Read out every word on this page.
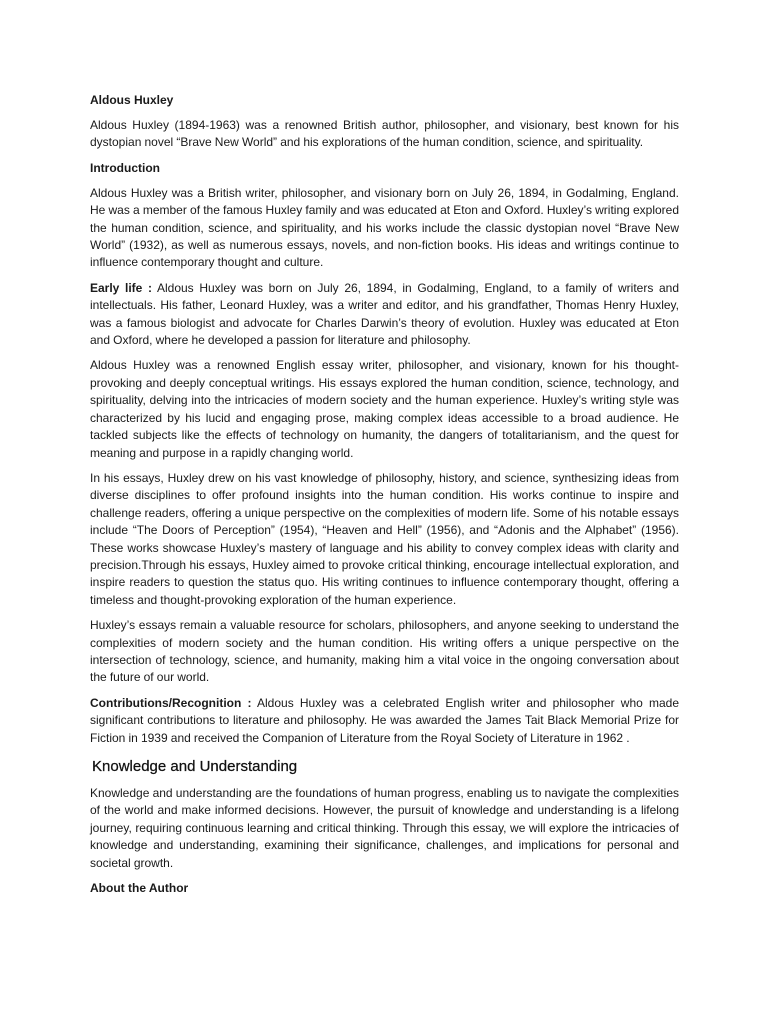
Aldous Huxley

Aldous Huxley (1894-1963) was a renowned British author, philosopher, and visionary, best known for his dystopian novel “Brave New World” and his explorations of the human condition, science, and spirituality.

Introduction

Aldous Huxley was a British writer, philosopher, and visionary born on July 26, 1894, in Godalming, England. He was a member of the famous Huxley family and was educated at Eton and Oxford. Huxley’s writing explored the human condition, science, and spirituality, and his works include the classic dystopian novel “Brave New World” (1932), as well as numerous essays, novels, and non-fiction books. His ideas and writings continue to influence contemporary thought and culture.

Early life : Aldous Huxley was born on July 26, 1894, in Godalming, England, to a family of writers and intellectuals. His father, Leonard Huxley, was a writer and editor, and his grandfather, Thomas Henry Huxley, was a famous biologist and advocate for Charles Darwin’s theory of evolution. Huxley was educated at Eton and Oxford, where he developed a passion for literature and philosophy.

Aldous Huxley was a renowned English essay writer, philosopher, and visionary, known for his thought-provoking and deeply conceptual writings. His essays explored the human condition, science, technology, and spirituality, delving into the intricacies of modern society and the human experience. Huxley’s writing style was characterized by his lucid and engaging prose, making complex ideas accessible to a broad audience. He tackled subjects like the effects of technology on humanity, the dangers of totalitarianism, and the quest for meaning and purpose in a rapidly changing world.

In his essays, Huxley drew on his vast knowledge of philosophy, history, and science, synthesizing ideas from diverse disciplines to offer profound insights into the human condition. His works continue to inspire and challenge readers, offering a unique perspective on the complexities of modern life. Some of his notable essays include “The Doors of Perception” (1954), “Heaven and Hell” (1956), and “Adonis and the Alphabet” (1956). These works showcase Huxley’s mastery of language and his ability to convey complex ideas with clarity and precision.Through his essays, Huxley aimed to provoke critical thinking, encourage intellectual exploration, and inspire readers to question the status quo. His writing continues to influence contemporary thought, offering a timeless and thought-provoking exploration of the human experience.

Huxley’s essays remain a valuable resource for scholars, philosophers, and anyone seeking to understand the complexities of modern society and the human condition. His writing offers a unique perspective on the intersection of technology, science, and humanity, making him a vital voice in the ongoing conversation about the future of our world.

Contributions/Recognition : Aldous Huxley was a celebrated English writer and philosopher who made significant contributions to literature and philosophy. He was awarded the James Tait Black Memorial Prize for Fiction in 1939 and received the Companion of Literature from the Royal Society of Literature in 1962 .

Knowledge and Understanding

Knowledge and understanding are the foundations of human progress, enabling us to navigate the complexities of the world and make informed decisions. However, the pursuit of knowledge and understanding is a lifelong journey, requiring continuous learning and critical thinking. Through this essay, we will explore the intricacies of knowledge and understanding, examining their significance, challenges, and implications for personal and societal growth.

About the Author
